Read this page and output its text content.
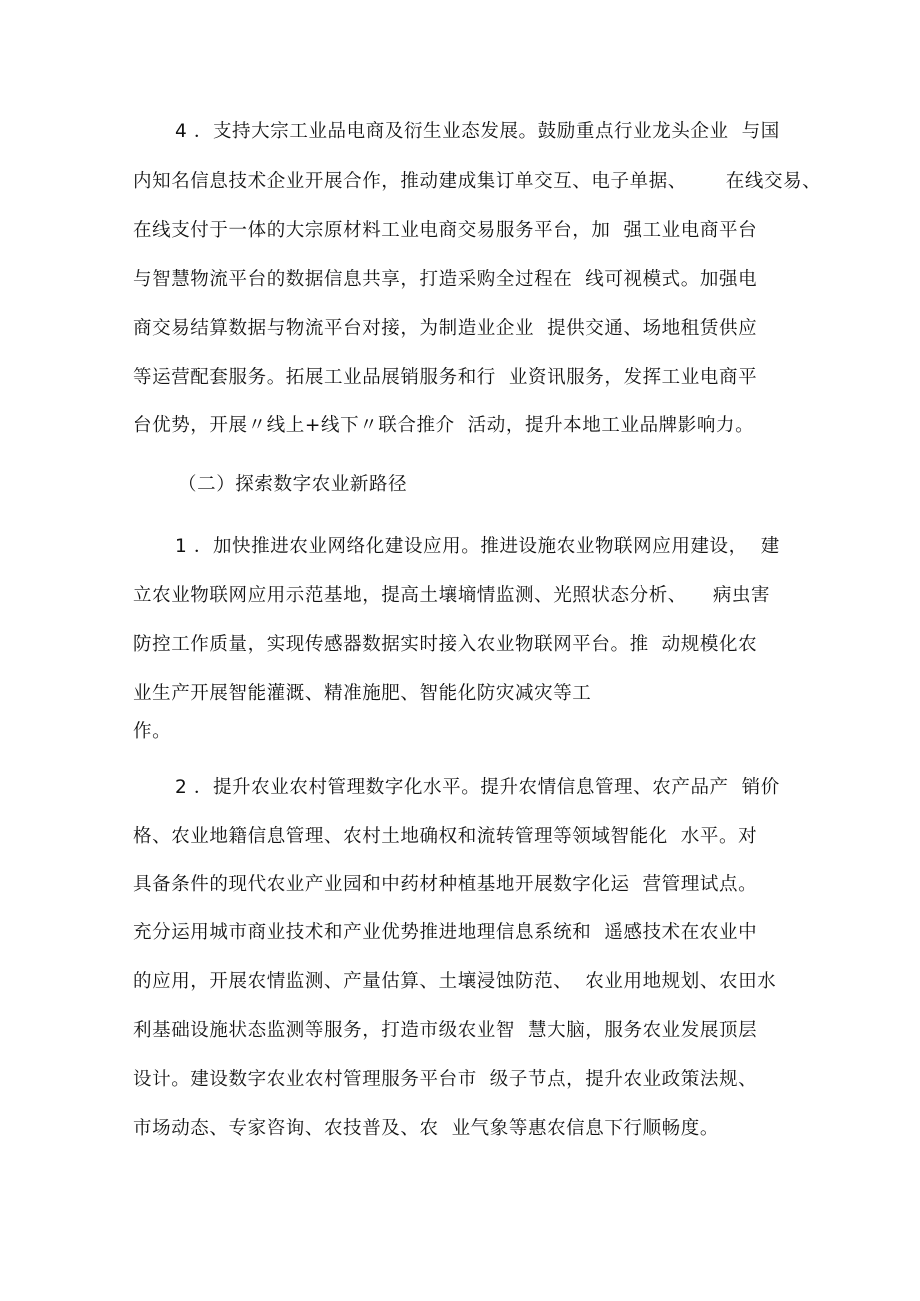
4 ．支持大宗工业品电商及衍生业态发展。鼓励重点行业龙头企业  与国
内知名信息技术企业开展合作，推动建成集订单交互、电子单据、      在线交易、
在线支付于一体的大宗原材料工业电商交易服务平台，加  强工业电商平台
与智慧物流平台的数据信息共享，打造采购全过程在  线可视模式。加强电
商交易结算数据与物流平台对接，为制造业企业  提供交通、场地租赁供应
等运营配套服务。拓展工业品展销服务和行  业资讯服务，发挥工业电商平
台优势，开展〃线上+线下〃联合推介  活动，提升本地工业品牌影响力。
（二）探索数字农业新路径
1 ．加快推进农业网络化建设应用。推进设施农业物联网应用建设，  建
立农业物联网应用示范基地，提高土壤墒情监测、光照状态分析、    病虫害
防控工作质量，实现传感器数据实时接入农业物联网平台。推  动规模化农
业生产开展智能灌溉、精准施肥、智能化防灾减灾等工
作。
2 ．提升农业农村管理数字化水平。提升农情信息管理、农产品产  销价
格、农业地籍信息管理、农村土地确权和流转管理等领域智能化  水平。对
具备条件的现代农业产业园和中药材种植基地开展数字化运  营管理试点。
充分运用城市商业技术和产业优势推进地理信息系统和  遥感技术在农业中
的应用，开展农情监测、产量估算、土壤浸蚀防范、  农业用地规划、农田水
利基础设施状态监测等服务，打造市级农业智  慧大脑，服务农业发展顶层
设计。建设数字农业农村管理服务平台市  级子节点，提升农业政策法规、
市场动态、专家咨询、农技普及、农  业气象等惠农信息下行顺畅度。
